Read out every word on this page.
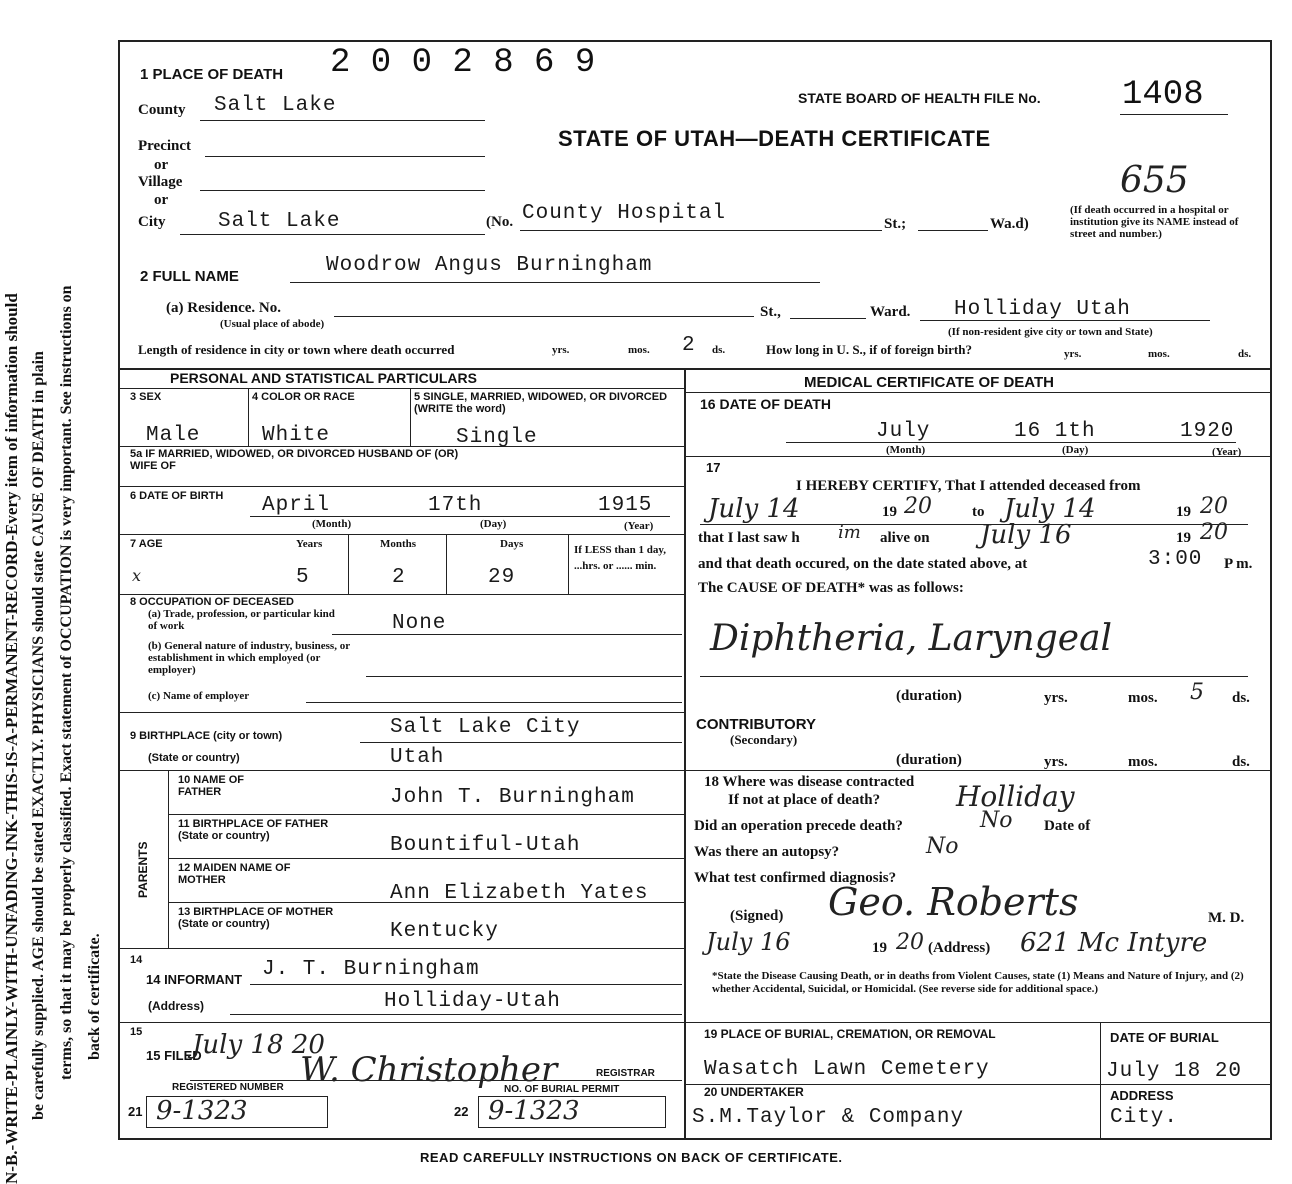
N-B.-WRITE-PLAINLY-WITH-UNFADING-INK-THIS-IS-A-PERMANENT-RECORD-Every item of information should be carefully supplied. AGE should be stated EXACTLY. PHYSICIANS should state CAUSE OF DEATH in plain terms, so that it may be properly classified. Exact statement of OCCUPATION is very important. See instructions on back of certificate.
1 PLACE OF DEATH 2 0 0 2 8 6 9
STATE BOARD OF HEALTH FILE No. 1408
STATE OF UTAH—DEATH CERTIFICATE
655
County Salt Lake
Precinct
or
Village
or
City	Salt Lake	(No. County Hospital	St.;	Wa.d)
(If death occurred in a hospital or institution give its NAME instead of street and number.)
2 FULL NAME	Woodrow Angus Burningham
(a) Residence. No.
(Usual place of abode)
St.,	Ward. Holliday Utah
(If non-resident give city or town and State)
Length of residence in city or town where death occurred	yrs.	mos. 2 ds.	How long in U. S., if of foreign birth?	yrs.	mos.	ds.
PERSONAL AND STATISTICAL PARTICULARS
3 SEX	4 COLOR OR RACE	5 SINGLE, MARRIED, WIDOWED, OR DIVORCED (WRITE the word)
Male	White	Single
5a IF MARRIED, WIDOWED, OR DIVORCED HUSBAND OF (OR) WIFE OF
6 DATE OF BIRTH April	17th	1915
(Month)	(Day)	(Year)
7 AGE	Years	Months	Days	If LESS than 1 day, ...hrs. or ...... min.
x	5	2	29
8 OCCUPATION OF DECEASED
(a) Trade, profession, or particular kind of work	None
(b) General nature of industry, business, or establishment in which employed (or employer)
(c) Name of employer
9 BIRTHPLACE (city or town)	Salt Lake City
(State or country)	Utah
PARENTS
10 NAME OF FATHER	John T. Burningham
11 BIRTHPLACE OF FATHER (State or country)	Bountiful-Utah
12 MAIDEN NAME OF MOTHER
Ann Elizabeth Yates
13 BIRTHPLACE OF MOTHER (State or country)	Kentucky
14
14 INFORMANT J. T. Burningham
(Address)	Holliday-Utah
15
15 FILED
July 18 20
W. Christopher	REGISTRAR
REGISTERED NUMBER	NO. OF BURIAL PERMIT
21 9-1323	22 9-1323
MEDICAL CERTIFICATE OF DEATH
16 DATE OF DEATH
July	16 1th	1920
(Month)	(Day)	(Year)
17
I HEREBY CERTIFY, That I attended deceased from
July 14	19 20	to July 14	19 20
that I last saw h im alive on July 16	19 20
and that death occured, on the date stated above, at	3:00 P m.
The CAUSE OF DEATH* was as follows:
Diphtheria, Laryngeal
(duration)	yrs.	mos. 5 ds.
CONTRIBUTORY
(Secondary)
(duration)	yrs.	mos.	ds.
18 Where was disease contracted
If not at place of death?	Holliday
Did an operation precede death?	No Date of
Was there an autopsy?	No
What test confirmed diagnosis?
(Signed) Geo. Roberts	M. D.
July 16	19 20 (Address) 621 Mc Intyre
*State the Disease Causing Death, or in deaths from Violent Causes, state (1) Means and Nature of Injury, and (2) whether Accidental, Suicidal, or Homicidal. (See reverse side for additional space.)
19 PLACE OF BURIAL, CREMATION, OR REMOVAL
Wasatch Lawn Cemetery
DATE OF BURIAL
July 18 20
20 UNDERTAKER
S.M.Taylor & Company
ADDRESS
City.
READ CAREFULLY INSTRUCTIONS ON BACK OF CERTIFICATE.
